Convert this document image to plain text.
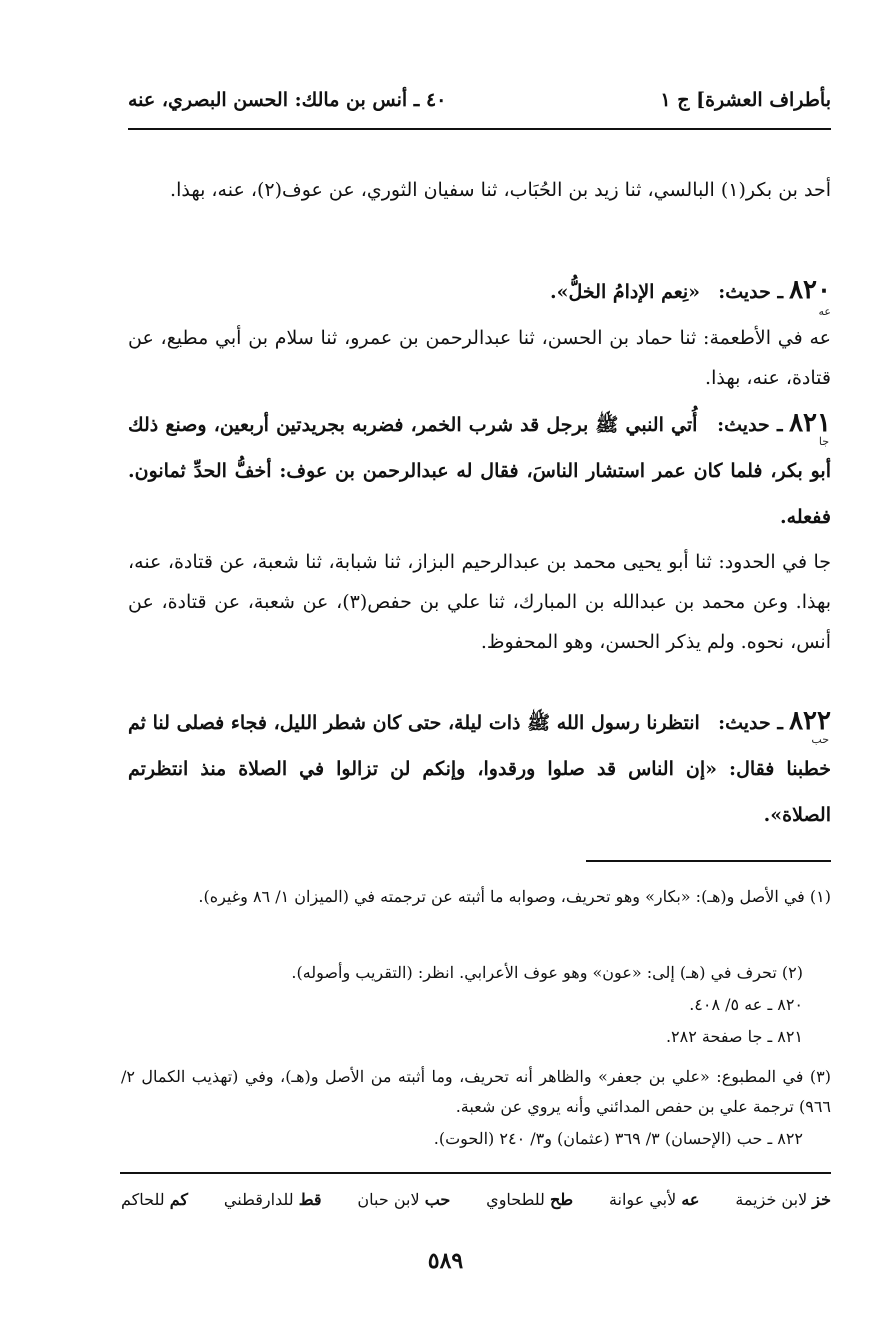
بأطراف العشرة] ج ١
٤٠ ـ أنس بن مالك: الحسن البصري، عنه
أحد بن بكر(١) البالسي، ثنا زيد بن الحُبَاب، ثنا سفيان الثوري، عن عوف(٢)، عنه، بهذا.
٨٢٠ ـ حديث:   «نِعم الإدامُ الخلُّ».
عه
عه في الأطعمة: ثنا حماد بن الحسن، ثنا عبدالرحمن بن عمرو، ثنا سلام بن أبي مطيع، عن قتادة، عنه، بهذا.
٨٢١ ـ حديث:   أُتي النبي ﷺ برجل قد شرب الخمر، فضربه بجريدتين أربعين، وصنع ذلك أبو بكر، فلما كان عمر استشار الناسَ، فقال له عبدالرحمن بن عوف: أخفُّ الحدِّ ثمانون. ففعله.
جا
جا في الحدود: ثنا أبو يحيى محمد بن عبدالرحيم البزاز، ثنا شبابة، ثنا شعبة، عن قتادة، عنه، بهذا. وعن محمد بن عبدالله بن المبارك، ثنا علي بن حفص(٣)، عن شعبة، عن قتادة، عن أنس، نحوه. ولم يذكر الحسن، وهو المحفوظ.
٨٢٢ ـ حديث:   انتظرنا رسول الله ﷺ ذات ليلة، حتى كان شطر الليل، فجاء فصلى لنا ثم خطبنا فقال: «إن الناس قد صلوا ورقدوا، وإنكم لن تزالوا في الصلاة منذ انتظرتم الصلاة».
حب
(١) في الأصل و(هـ): «بكار» وهو تحريف، وصوابه ما أثبته عن ترجمته في (الميزان ١/ ٨٦ وغيره).
(٢) تحرف في (هـ) إلى: «عون» وهو عوف الأعرابي. انظر: (التقريب وأصوله).
٨٢٠ ـ عه ٥/ ٤٠٨.
٨٢١ ـ جا صفحة ٢٨٢.
(٣) في المطبوع: «علي بن جعفر» والظاهر أنه تحريف، وما أثبته من الأصل و(هـ)، وفي (تهذيب الكمال ٢/ ٩٦٦) ترجمة علي بن حفص المدائني وأنه يروي عن شعبة.
٨٢٢ ـ حب (الإحسان) ٣/ ٣٦٩ (عثمان) و٣/ ٢٤٠ (الحوت).
خز لابن خزيمة
عه لأبي عوانة
طح للطحاوي
حب لابن حبان
قط للدارقطني
كم للحاكم
٥٨٩
